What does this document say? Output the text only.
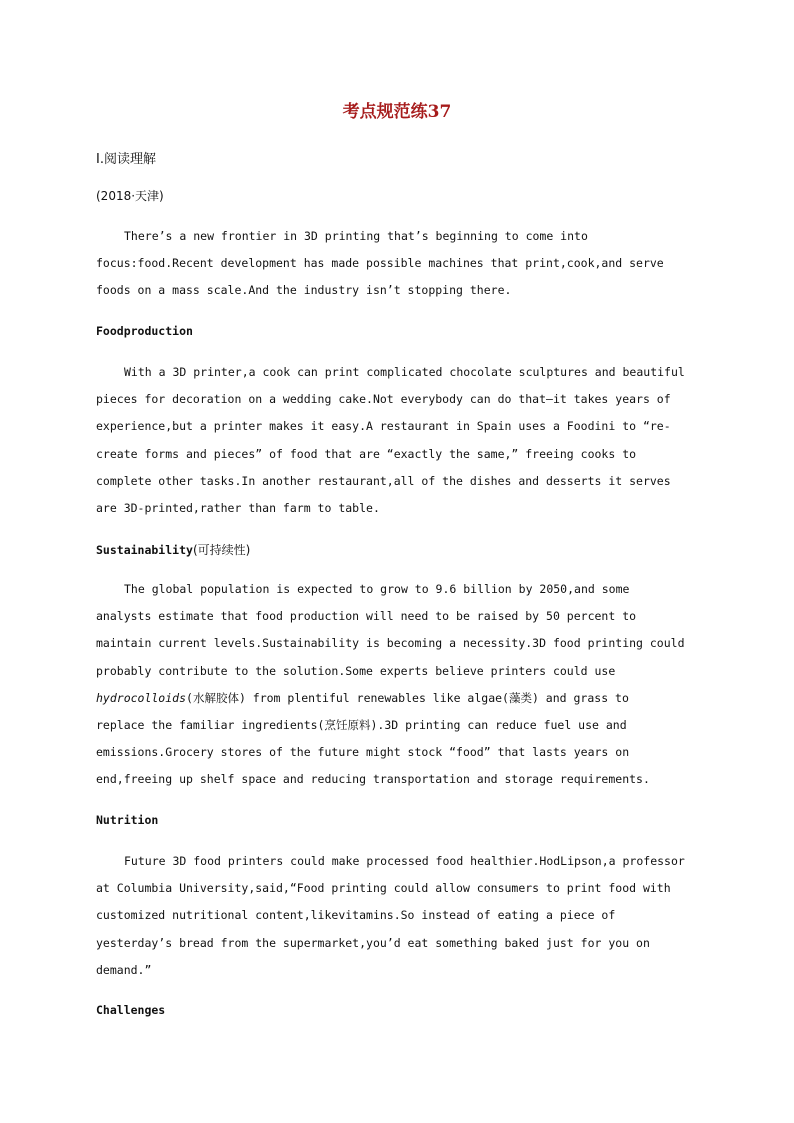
考点规范练37
Ⅰ.阅读理解
(2018·天津)
There’s a new frontier in 3D printing that’s beginning to come into
focus:food.Recent development has made possible machines that print,cook,and serve
foods on a mass scale.And the industry isn’t stopping there.
Foodproduction
With a 3D printer,a cook can print complicated chocolate sculptures and beautiful
pieces for decoration on a wedding cake.Not everybody can do that—it takes years of
experience,but a printer makes it easy.A restaurant in Spain uses a Foodini to “re-
create forms and pieces” of food that are “exactly the same,” freeing cooks to
complete other tasks.In another restaurant,all of the dishes and desserts it serves
are 3D-printed,rather than farm to table.
Sustainability(可持续性)
The global population is expected to grow to 9.6 billion by 2050,and some
analysts estimate that food production will need to be raised by 50 percent to
maintain current levels.Sustainability is becoming a necessity.3D food printing could
probably contribute to the solution.Some experts believe printers could use
hydrocolloids(水解胶体) from plentiful renewables like algae(藻类) and grass to
replace the familiar ingredients(烹饪原料).3D printing can reduce fuel use and
emissions.Grocery stores of the future might stock “food” that lasts years on
end,freeing up shelf space and reducing transportation and storage requirements.
Nutrition
Future 3D food printers could make processed food healthier.HodLipson,a professor
at Columbia University,said,“Food printing could allow consumers to print food with
customized nutritional content,likevitamins.So instead of eating a piece of
yesterday’s bread from the supermarket,you’d eat something baked just for you on
demand.”
Challenges
